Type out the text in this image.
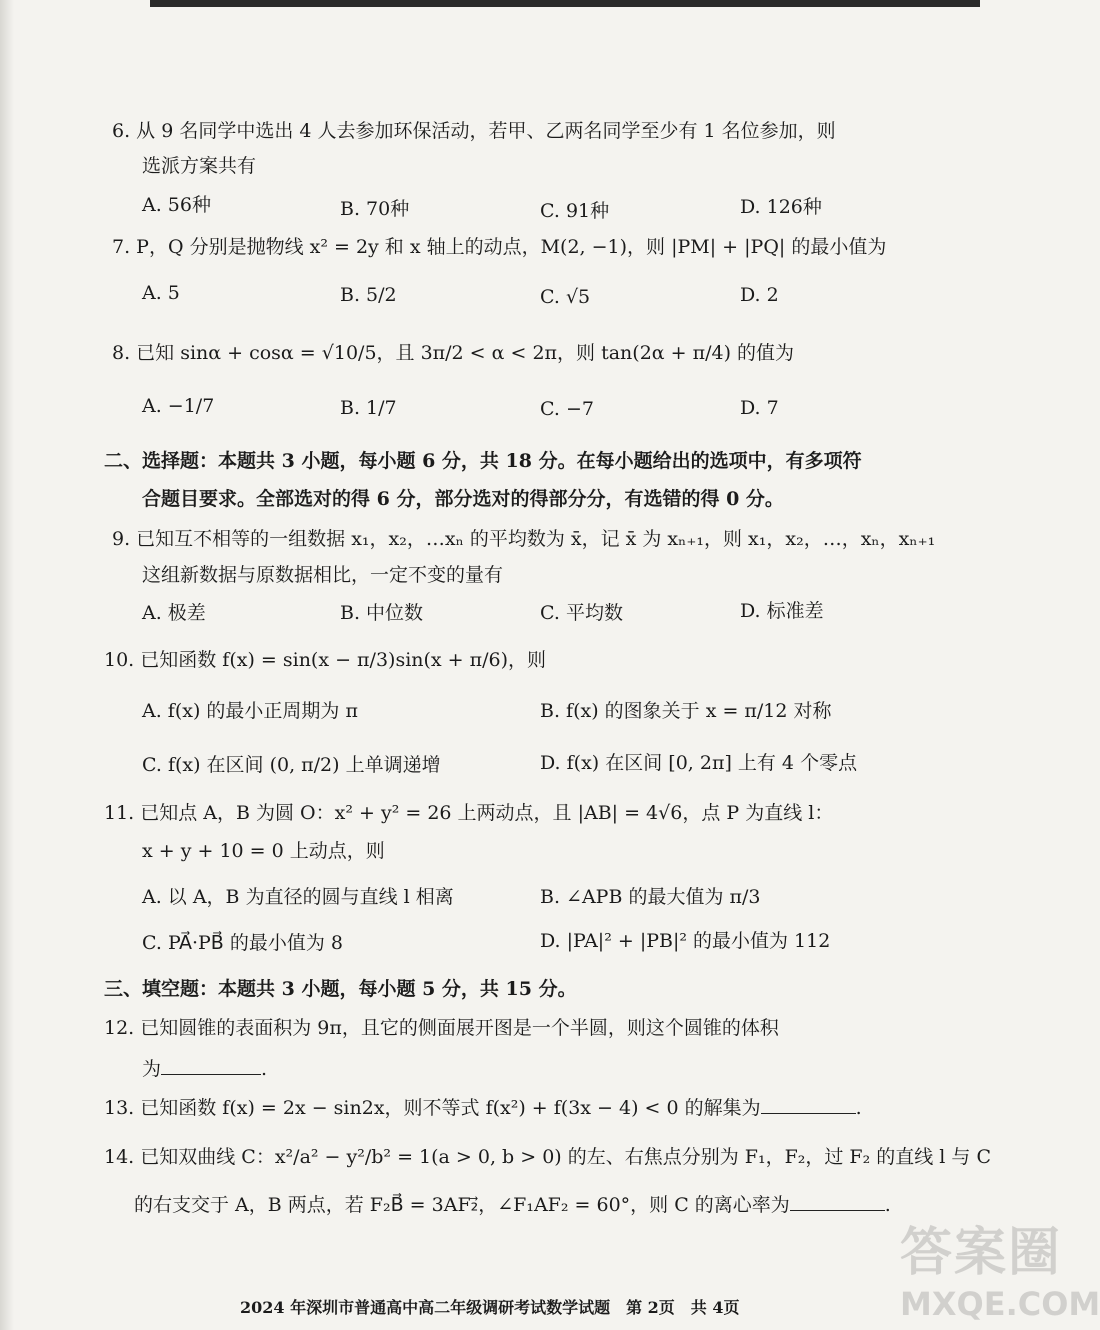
6. 从 9 名同学中选出 4 人去参加环保活动，若甲、乙两名同学至少有 1 名位参加，则
选派方案共有
A. 56种	B. 70种	C. 91种	D. 126种
7. P，Q 分别是抛物线 x² = 2y 和 x 轴上的动点，M(2, −1)，则 |PM| + |PQ| 的最小值为
A. 5	B. 5/2	C. √5	D. 2
8. 已知 sinα + cosα = √10/5，且 3π/2 < α < 2π，则 tan(2α + π/4) 的值为
A. −1/7	B. 1/7	C. −7	D. 7
二、选择题：本题共 3 小题，每小题 6 分，共 18 分。在每小题给出的选项中，有多项符
合题目要求。全部选对的得 6 分，部分选对的得部分分，有选错的得 0 分。
9. 已知互不相等的一组数据 x₁，x₂，…xₙ 的平均数为 x̄，记 x̄ 为 xₙ₊₁，则 x₁，x₂，…，xₙ，xₙ₊₁
这组新数据与原数据相比，一定不变的量有
A. 极差	B. 中位数	C. 平均数	D. 标准差
10. 已知函数 f(x) = sin(x − π/3)sin(x + π/6)，则
A. f(x) 的最小正周期为 π	B. f(x) 的图象关于 x = π/12 对称
C. f(x) 在区间 (0, π/2) 上单调递增	D. f(x) 在区间 [0, 2π] 上有 4 个零点
11. 已知点 A，B 为圆 O：x² + y² = 26 上两动点，且 |AB| = 4√6，点 P 为直线 l：
x + y + 10 = 0 上动点，则
A. 以 A，B 为直径的圆与直线 l 相离	B. ∠APB 的最大值为 π/3
C. PA⃗·PB⃗ 的最小值为 8	D. |PA|² + |PB|² 的最小值为 112
三、填空题：本题共 3 小题，每小题 5 分，共 15 分。
12. 已知圆锥的表面积为 9π，且它的侧面展开图是一个半圆，则这个圆锥的体积
为	.
13. 已知函数 f(x) = 2x − sin2x，则不等式 f(x²) + f(3x − 4) < 0 的解集为	.
14. 已知双曲线 C：x²/a² − y²/b² = 1(a > 0, b > 0) 的左、右焦点分别为 F₁，F₂，过 F₂ 的直线 l 与 C
的右支交于 A，B 两点，若 F₂B⃗ = 3AF₂⃗，∠F₁AF₂ = 60°，则 C 的离心率为	.
2024 年深圳市普通高中高二年级调研考试数学试题　第 2页　共 4页
答案圈
MXQE.COM
